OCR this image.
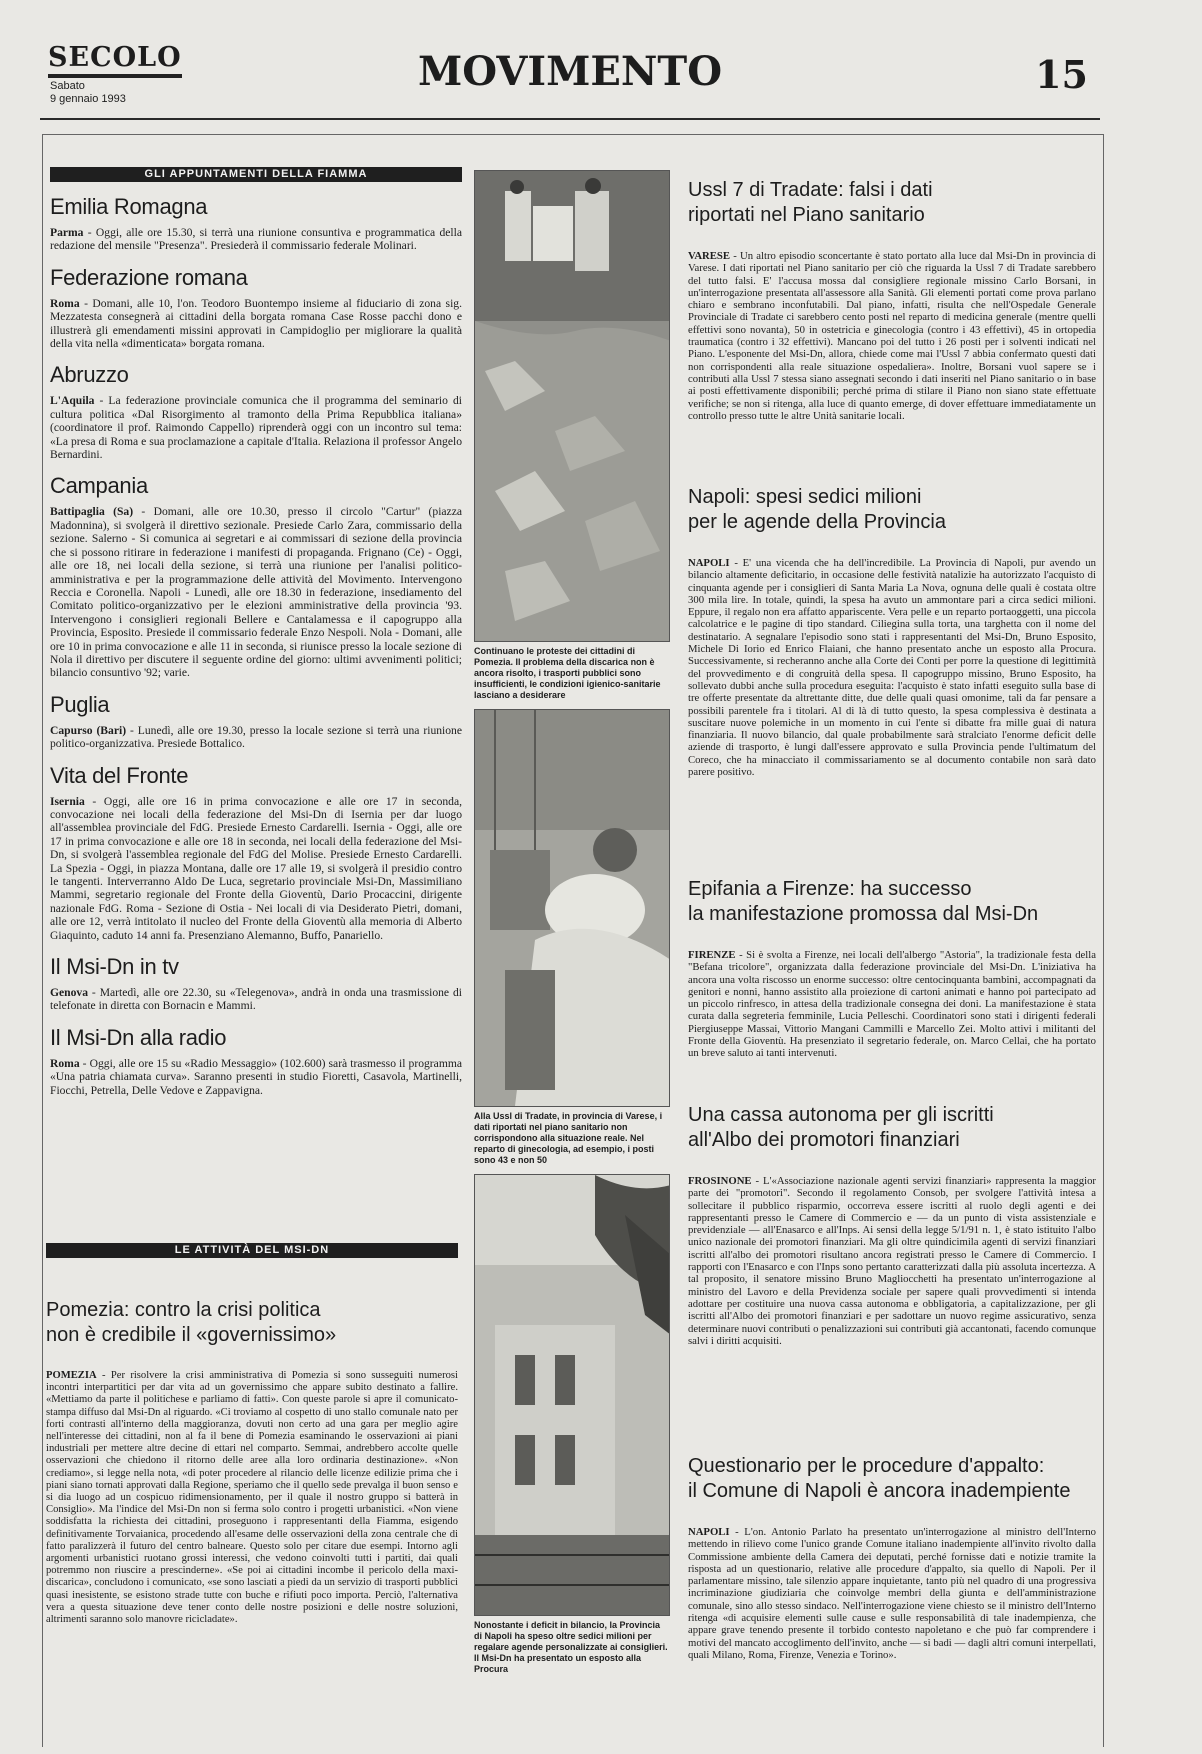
SECOLO
Sabato
9 gennaio 1993
MOVIMENTO	15
GLI APPUNTAMENTI DELLA FIAMMA
Emilia Romagna

Parma - Oggi, alle ore 15.30, si terrà una riunione consuntiva e programmatica della redazione del mensile "Presenza". Presiederà il commissario federale Molinari.

Federazione romana

Roma - Domani, alle 10, l'on. Teodoro Buontempo insieme al fiduciario di zona sig. Mezzatesta consegnerà ai cittadini della borgata romana Case Rosse pacchi dono e illustrerà gli emendamenti missini approvati in Campidoglio per migliorare la qualità della vita nella «dimenticata» borgata romana.

Abruzzo

L'Aquila - La federazione provinciale comunica che il programma del seminario di cultura politica «Dal Risorgimento al tramonto della Prima Repubblica italiana» (coordinatore il prof. Raimondo Cappello) riprenderà oggi con un incontro sul tema: «La presa di Roma e sua proclamazione a capitale d'Italia. Relaziona il professor Angelo Bernardini.

Campania

Battipaglia (Sa) - Domani, alle ore 10.30, presso il circolo "Cartur" (piazza Madonnina), si svolgerà il direttivo sezionale. Presiede Carlo Zara, commissario della sezione. Salerno - Si comunica ai segretari e ai commissari di sezione della provincia che si possono ritirare in federazione i manifesti di propaganda. Frignano (Ce) - Oggi, alle ore 18, nei locali della sezione, si terrà una riunione per l'analisi politico-amministrativa e per la programmazione delle attività del Movimento. Intervengono Reccia e Coronella. Napoli - Lunedì, alle ore 18.30 in federazione, insediamento del Comitato politico-organizzativo per le elezioni amministrative della provincia '93. Intervengono i consiglieri regionali Bellere e Cantalamessa e il capogruppo alla Provincia, Esposito. Presiede il commissario federale Enzo Nespoli. Nola - Domani, alle ore 10 in prima convocazione e alle 11 in seconda, si riunisce presso la locale sezione di Nola il direttivo per discutere il seguente ordine del giorno: ultimi avvenimenti politici; bilancio consuntivo '92; varie.

Puglia

Capurso (Bari) - Lunedì, alle ore 19.30, presso la locale sezione si terrà una riunione politico-organizzativa. Presiede Bottalico.

Vita del Fronte

Isernia - Oggi, alle ore 16 in prima convocazione e alle ore 17 in seconda, convocazione nei locali della federazione del Msi-Dn di Isernia per dar luogo all'assemblea provinciale del FdG. Presiede Ernesto Cardarelli. Isernia - Oggi, alle ore 17 in prima convocazione e alle ore 18 in seconda, nei locali della federazione del Msi-Dn, si svolgerà l'assemblea regionale del FdG del Molise. Presiede Ernesto Cardarelli. La Spezia - Oggi, in piazza Montana, dalle ore 17 alle 19, si svolgerà il presidio contro le tangenti. Interverranno Aldo De Luca, segretario provinciale Msi-Dn, Massimiliano Mammi, segretario regionale del Fronte della Gioventù, Dario Procaccini, dirigente nazionale FdG. Roma - Sezione di Ostia - Nei locali di via Desiderato Pietri, domani, alle ore 12, verrà intitolato il nucleo del Fronte della Gioventù alla memoria di Alberto Giaquinto, caduto 14 anni fa. Presenziano Alemanno, Buffo, Panariello.

Il Msi-Dn in tv

Genova - Martedì, alle ore 22.30, su «Telegenova», andrà in onda una trasmissione di telefonate in diretta con Bornacin e Mammi.

Il Msi-Dn alla radio

Roma - Oggi, alle ore 15 su «Radio Messaggio» (102.600) sarà trasmesso il programma «Una patria chiamata curva». Saranno presenti in studio Fioretti, Casavola, Martinelli, Fiocchi, Petrella, Delle Vedove e Zappavigna.

LE ATTIVITÀ DEL MSI-DN
Pomezia: contro la crisi politica
non è credibile il «governissimo»

POMEZIA - Per risolvere la crisi amministrativa di Pomezia si sono susseguiti numerosi incontri interpartitici per dar vita ad un governissimo che appare subito destinato a fallire. «Mettiamo da parte il politichese e parliamo di fatti». Con queste parole si apre il comunicato-stampa diffuso dal Msi-Dn al riguardo. «Ci troviamo al cospetto di uno stallo comunale nato per forti contrasti all'interno della maggioranza, dovuti non certo ad una gara per meglio agire nell'interesse dei cittadini, non al fa il bene di Pomezia esaminando le osservazioni ai piani industriali per mettere altre decine di ettari nel comparto. Semmai, andrebbero accolte quelle osservazioni che chiedono il ritorno delle aree alla loro ordinaria destinazione». «Non crediamo», si legge nella nota, «di poter procedere al rilancio delle licenze edilizie prima che i piani siano tornati approvati dalla Regione, speriamo che il quello sede prevalga il buon senso e si dia luogo ad un cospicuo ridimensionamento, per il quale il nostro gruppo si batterà in Consiglio». Ma l'indice del Msi-Dn non si ferma solo contro i progetti urbanistici. «Non viene soddisfatta la richiesta dei cittadini, proseguono i rappresentanti della Fiamma, esigendo definitivamente Torvaianica, procedendo all'esame delle osservazioni della zona centrale che di fatto paralizzerà il futuro del centro balneare. Questo solo per citare due esempi. Intorno agli argomenti urbanistici ruotano grossi interessi, che vedono coinvolti tutti i partiti, dai quali potremmo non riuscire a prescinderne». «Se poi ai cittadini incombe il pericolo della maxi-discarica», concludono i comunicato, «se sono lasciati a piedi da un servizio di trasporti pubblici quasi inesistente, se esistono strade tutte con buche e rifiuti poco importa. Perciò, l'alternativa vera a questa situazione deve tener conto delle nostre posizioni e delle nostre soluzioni, altrimenti saranno solo manovre ricicladate».

Continuano le proteste dei cittadini di Pomezia. Il problema della discarica non è ancora risolto, i trasporti pubblici sono insufficienti, le condizioni igienico-sanitarie lasciano a desiderare

Alla Ussl di Tradate, in provincia di Varese, i dati riportati nel piano sanitario non corrispondono alla situazione reale. Nel reparto di ginecologia, ad esempio, i posti sono 43 e non 50

Nonostante i deficit in bilancio, la Provincia di Napoli ha speso oltre sedici milioni per regalare agende personalizzate ai consiglieri. Il Msi-Dn ha presentato un esposto alla Procura

Ussl 7 di Tradate: falsi i dati
riportati nel Piano sanitario

VARESE - Un altro episodio sconcertante è stato portato alla luce dal Msi-Dn in provincia di Varese. I dati riportati nel Piano sanitario per ciò che riguarda la Ussl 7 di Tradate sarebbero del tutto falsi. E' l'accusa mossa dal consigliere regionale missino Carlo Borsani, in un'interrogazione presentata all'assessore alla Sanità. Gli elementi portati come prova parlano chiaro e sembrano inconfutabili. Dal piano, infatti, risulta che nell'Ospedale Generale Provinciale di Tradate ci sarebbero cento posti nel reparto di medicina generale (mentre quelli effettivi sono novanta), 50 in ostetricia e ginecologia (contro i 43 effettivi), 45 in ortopedia traumatica (contro i 32 effettivi). Mancano poi del tutto i 26 posti per i solventi indicati nel Piano. L'esponente del Msi-Dn, allora, chiede come mai l'Ussl 7 abbia confermato questi dati non corrispondenti alla reale situazione ospedaliera». Inoltre, Borsani vuol sapere se i contributi alla Ussl 7 stessa siano assegnati secondo i dati inseriti nel Piano sanitario o in base ai posti effettivamente disponibili; perché prima di stilare il Piano non siano state effettuate verifiche; se non si ritenga, alla luce di quanto emerge, di dover effettuare immediatamente un controllo presso tutte le altre Unità sanitarie locali.

Napoli: spesi sedici milioni
per le agende della Provincia

NAPOLI - E' una vicenda che ha dell'incredibile. La Provincia di Napoli, pur avendo un bilancio altamente deficitario, in occasione delle festività natalizie ha autorizzato l'acquisto di cinquanta agende per i consiglieri di Santa Maria La Nova, ognuna delle quali è costata oltre 300 mila lire. In totale, quindi, la spesa ha avuto un ammontare pari a circa sedici milioni. Eppure, il regalo non era affatto appariscente. Vera pelle e un reparto portaoggetti, una piccola calcolatrice e le pagine di tipo standard. Ciliegina sulla torta, una targhetta con il nome del destinatario. A segnalare l'episodio sono stati i rappresentanti del Msi-Dn, Bruno Esposito, Michele Di Iorio ed Enrico Flaiani, che hanno presentato anche un esposto alla Procura. Successivamente, si recheranno anche alla Corte dei Conti per porre la questione di legittimità del provvedimento e di congruità della spesa. Il capogruppo missino, Bruno Esposito, ha sollevato dubbi anche sulla procedura eseguita: l'acquisto è stato infatti eseguito sulla base di tre offerte presentate da altrettante ditte, due delle quali quasi omonime, tali da far pensare a possibili parentele fra i titolari. Al di là di tutto questo, la spesa complessiva è destinata a suscitare nuove polemiche in un momento in cui l'ente si dibatte fra mille guai di natura finanziaria. Il nuovo bilancio, dal quale probabilmente sarà stralciato l'enorme deficit delle aziende di trasporto, è lungi dall'essere approvato e sulla Provincia pende l'ultimatum del Coreco, che ha minacciato il commissariamento se al documento contabile non sarà dato parere positivo.

Epifania a Firenze: ha successo
la manifestazione promossa dal Msi-Dn

FIRENZE - Si è svolta a Firenze, nei locali dell'albergo "Astoria", la tradizionale festa della "Befana tricolore", organizzata dalla federazione provinciale del Msi-Dn. L'iniziativa ha ancora una volta riscosso un enorme successo: oltre centocinquanta bambini, accompagnati da genitori e nonni, hanno assistito alla proiezione di cartoni animati e hanno poi partecipato ad un piccolo rinfresco, in attesa della tradizionale consegna dei doni. La manifestazione è stata curata dalla segreteria femminile, Lucia Pelleschi. Coordinatori sono stati i dirigenti federali Piergiuseppe Massai, Vittorio Mangani Cammilli e Marcello Zei. Molto attivi i militanti del Fronte della Gioventù. Ha presenziato il segretario federale, on. Marco Cellai, che ha portato un breve saluto ai tanti intervenuti.

Una cassa autonoma per gli iscritti
all'Albo dei promotori finanziari

FROSINONE - L'«Associazione nazionale agenti servizi finanziari» rappresenta la maggior parte dei "promotori". Secondo il regolamento Consob, per svolgere l'attività intesa a sollecitare il pubblico risparmio, occorreva essere iscritti al ruolo degli agenti e dei rappresentanti presso le Camere di Commercio e — da un punto di vista assistenziale e previdenziale — all'Enasarco e all'Inps. Ai sensi della legge 5/1/91 n. 1, è stato istituito l'albo unico nazionale dei promotori finanziari. Ma gli oltre quindicimila agenti di servizi finanziari iscritti all'albo dei promotori risultano ancora registrati presso le Camere di Commercio. I rapporti con l'Enasarco e con l'Inps sono pertanto caratterizzati dalla più assoluta incertezza. A tal proposito, il senatore missino Bruno Magliocchetti ha presentato un'interrogazione al ministro del Lavoro e della Previdenza sociale per sapere quali provvedimenti si intenda adottare per costituire una nuova cassa autonoma e obbligatoria, a capitalizzazione, per gli iscritti all'Albo dei promotori finanziari e per sadottare un nuovo regime assicurativo, senza determinare nuovi contributi o penalizzazioni sui contributi già accantonati, facendo comunque salvi i diritti acquisiti.

Questionario per le procedure d'appalto:
il Comune di Napoli è ancora inadempiente

NAPOLI - L'on. Antonio Parlato ha presentato un'interrogazione al ministro dell'Interno mettendo in rilievo come l'unico grande Comune italiano inadempiente all'invito rivolto dalla Commissione ambiente della Camera dei deputati, perché fornisse dati e notizie tramite la risposta ad un questionario, relative alle procedure d'appalto, sia quello di Napoli. Per il parlamentare missino, tale silenzio appare inquietante, tanto più nel quadro di una progressiva incriminazione giudiziaria che coinvolge membri della giunta e dell'amministrazione comunale, sino allo stesso sindaco. Nell'interrogazione viene chiesto se il ministro dell'Interno ritenga «di acquisire elementi sulle cause e sulle responsabilità di tale inadempienza, che appare grave tenendo presente il torbido contesto napoletano e che può far comprendere i motivi del mancato accoglimento dell'invito, anche — si badi — dagli altri comuni interpellati, quali Milano, Roma, Firenze, Venezia e Torino».
